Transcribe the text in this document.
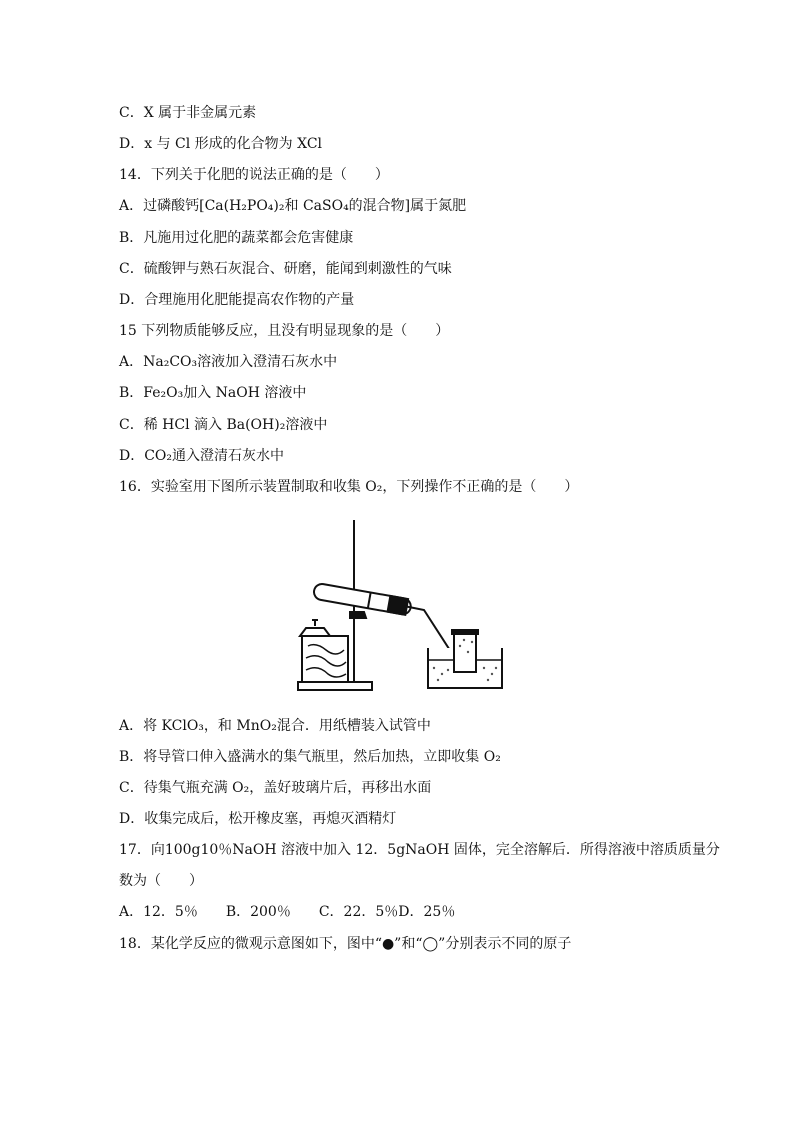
C．X 属于非金属元素
D．x 与 Cl 形成的化合物为 XCl
14．下列关于化肥的说法正确的是（　　）
A．过磷酸钙[Ca(H₂PO₄)₂和 CaSO₄的混合物]属于氮肥
B．凡施用过化肥的蔬菜都会危害健康
C．硫酸钾与熟石灰混合、研磨，能闻到刺激性的气味
D．合理施用化肥能提高农作物的产量
15 下列物质能够反应，且没有明显现象的是（　　）
A．Na₂CO₃溶液加入澄清石灰水中
B．Fe₂O₃加入 NaOH 溶液中
C．稀 HCl 滴入 Ba(OH)₂溶液中
D．CO₂通入澄清石灰水中
16．实验室用下图所示装置制取和收集 O₂，下列操作不正确的是（　　）
A．将 KClO₃，和 MnO₂混合．用纸槽装入试管中
B．将导管口伸入盛满水的集气瓶里，然后加热，立即收集 O₂
C．待集气瓶充满 O₂，盖好玻璃片后，再移出水面
D．收集完成后，松开橡皮塞，再熄灭酒精灯
17．向100g10％NaOH 溶液中加入 12．5gNaOH 固体，完全溶解后．所得溶液中溶质质量分
数为（　　）
A．12．5％　　B．200％　　C．22．5％D．25％
18．某化学反应的微观示意图如下，图中“●”和“◯”分别表示不同的原子
